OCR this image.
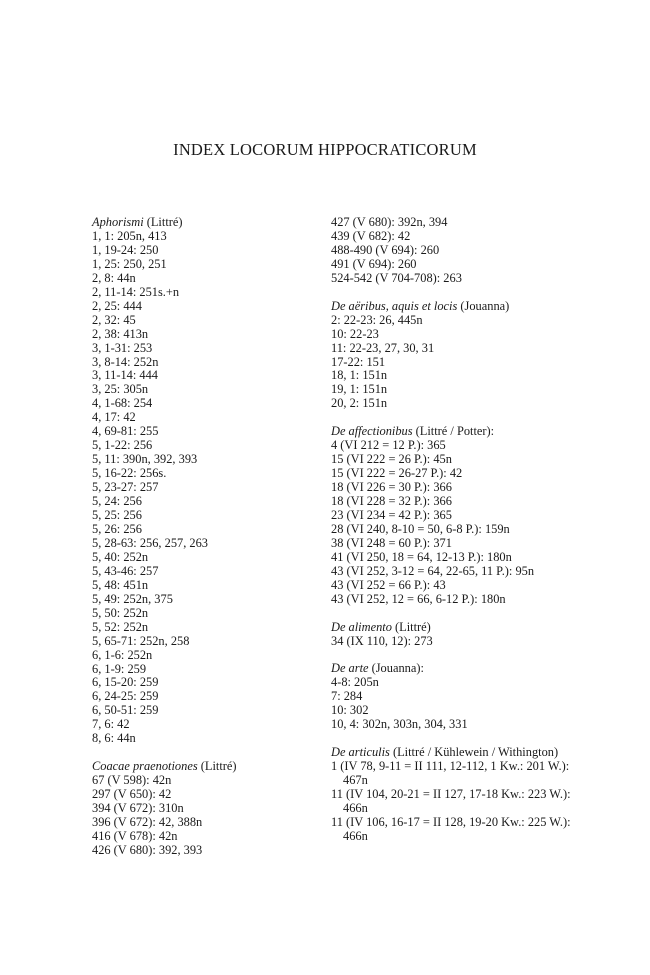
INDEX LOCORUM HIPPOCRATICORUM
Aphorismi (Littré)
1, 1: 205n, 413
1, 19-24: 250
1, 25: 250, 251
2, 8: 44n
2, 11-14: 251s.+n
2, 25: 444
2, 32: 45
2, 38: 413n
3, 1-31: 253
3, 8-14: 252n
3, 11-14: 444
3, 25: 305n
4, 1-68: 254
4, 17: 42
4, 69-81: 255
5, 1-22: 256
5, 11: 390n, 392, 393
5, 16-22: 256s.
5, 23-27: 257
5, 24: 256
5, 25: 256
5, 26: 256
5, 28-63: 256, 257, 263
5, 40: 252n
5, 43-46: 257
5, 48: 451n
5, 49: 252n, 375
5, 50: 252n
5, 52: 252n
5, 65-71: 252n, 258
6, 1-6: 252n
6, 1-9: 259
6, 15-20: 259
6, 24-25: 259
6, 50-51: 259
7, 6: 42
8, 6: 44n
Coacae praenotiones (Littré)
67 (V 598): 42n
297 (V 650): 42
394 (V 672): 310n
396 (V 672): 42, 388n
416 (V 678): 42n
426 (V 680): 392, 393
427 (V 680): 392n, 394
439 (V 682): 42
488-490 (V 694): 260
491 (V 694): 260
524-542 (V 704-708): 263
De aëribus, aquis et locis (Jouanna)
2: 22-23: 26, 445n
10: 22-23
11: 22-23, 27, 30, 31
17-22: 151
18, 1: 151n
19, 1: 151n
20, 2: 151n
De affectionibus (Littré / Potter):
4 (VI 212 = 12 P.): 365
15 (VI 222 = 26 P.): 45n
15 (VI 222 = 26-27 P.): 42
18 (VI 226 = 30 P.): 366
18 (VI 228 = 32 P.): 366
23 (VI 234 = 42 P.): 365
28 (VI 240, 8-10 = 50, 6-8 P.): 159n
38 (VI 248 = 60 P.): 371
41 (VI 250, 18 = 64, 12-13 P.): 180n
43 (VI 252, 3-12 = 64, 22-65, 11 P.): 95n
43 (VI 252 = 66 P.): 43
43 (VI 252, 12 = 66, 6-12 P.): 180n
De alimento (Littré)
34 (IX 110, 12): 273
De arte (Jouanna):
4-8: 205n
7: 284
10: 302
10, 4: 302n, 303n, 304, 331
De articulis (Littré / Kühlewein / Withington)
1 (IV 78, 9-11 = II 111, 12-112, 1 Kw.: 201 W.): 467n
11 (IV 104, 20-21 = II 127, 17-18 Kw.: 223 W.): 466n
11 (IV 106, 16-17 = II 128, 19-20 Kw.: 225 W.): 466n
